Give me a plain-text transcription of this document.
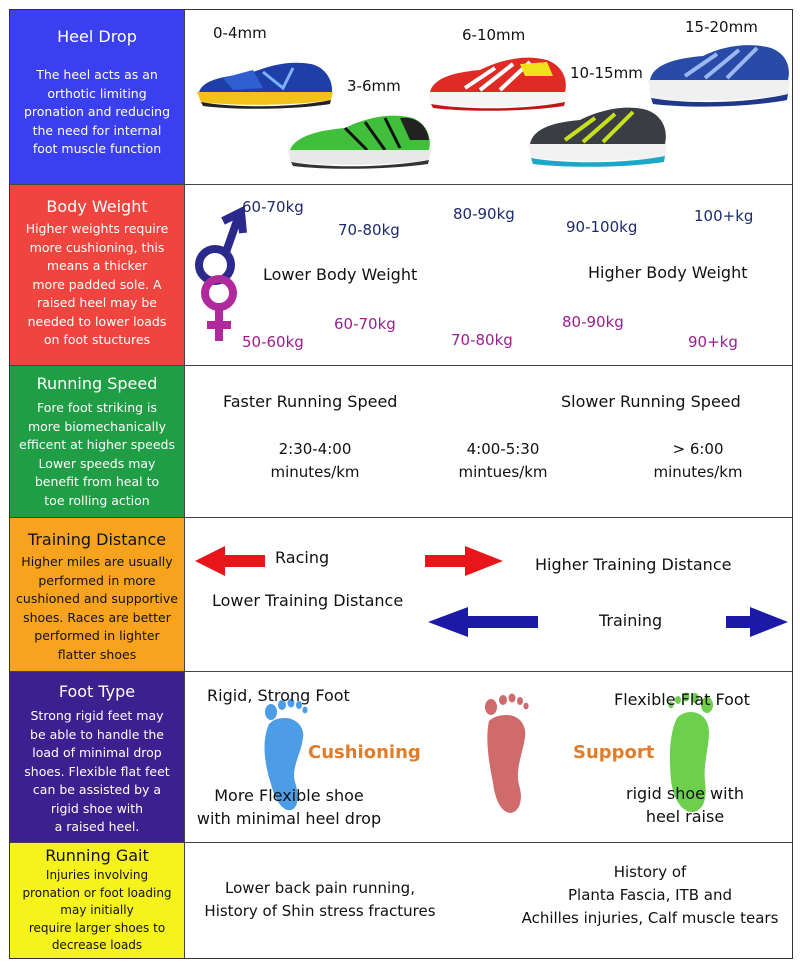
Heel Drop
The heel acts as an
orthotic limiting
pronation and reducing
the need for internal
foot muscle function
0-4mm
3-6mm
6-10mm
10-15mm
15-20mm
Body Weight
Higher weights require
more cushioning, this
means a thicker
more padded sole. A
raised heel may be
needed to lower loads
on foot stuctures
60-70kg
70-80kg
80-90kg
90-100kg
100+kg
Lower Body Weight	Higher Body Weight
50-60kg
60-70kg
70-80kg
80-90kg
90+kg
Running Speed
Fore foot striking is
more biomechanically
efficent at higher speeds
Lower speeds may
benefit from heal to
toe rolling action
Faster Running Speed	Slower Running Speed
2:30-4:00
minutes/km
4:00-5:30
mintues/km
> 6:00
minutes/km
Training Distance
Higher miles are usually
performed in more
cushioned and supportive
shoes. Races are better
performed in lighter
flatter shoes
Racing	Higher Training Distance
Lower Training Distance
Training
Foot Type
Strong rigid feet may
be able to handle the
load of minimal drop
shoes. Flexible flat feet
can be assisted by a
rigid shoe with
a raised heel.
Rigid, Strong Foot	Flexible Flat Foot
Cushioning	Support
More Flexible shoe
with minimal heel drop
rigid shoe with
heel raise
Running Gait
Injuries involving
pronation or foot loading
may initially
require larger shoes to
decrease loads
Lower back pain running,
History of Shin stress fractures
History of
Planta Fascia, ITB and
Achilles injuries, Calf muscle tears
